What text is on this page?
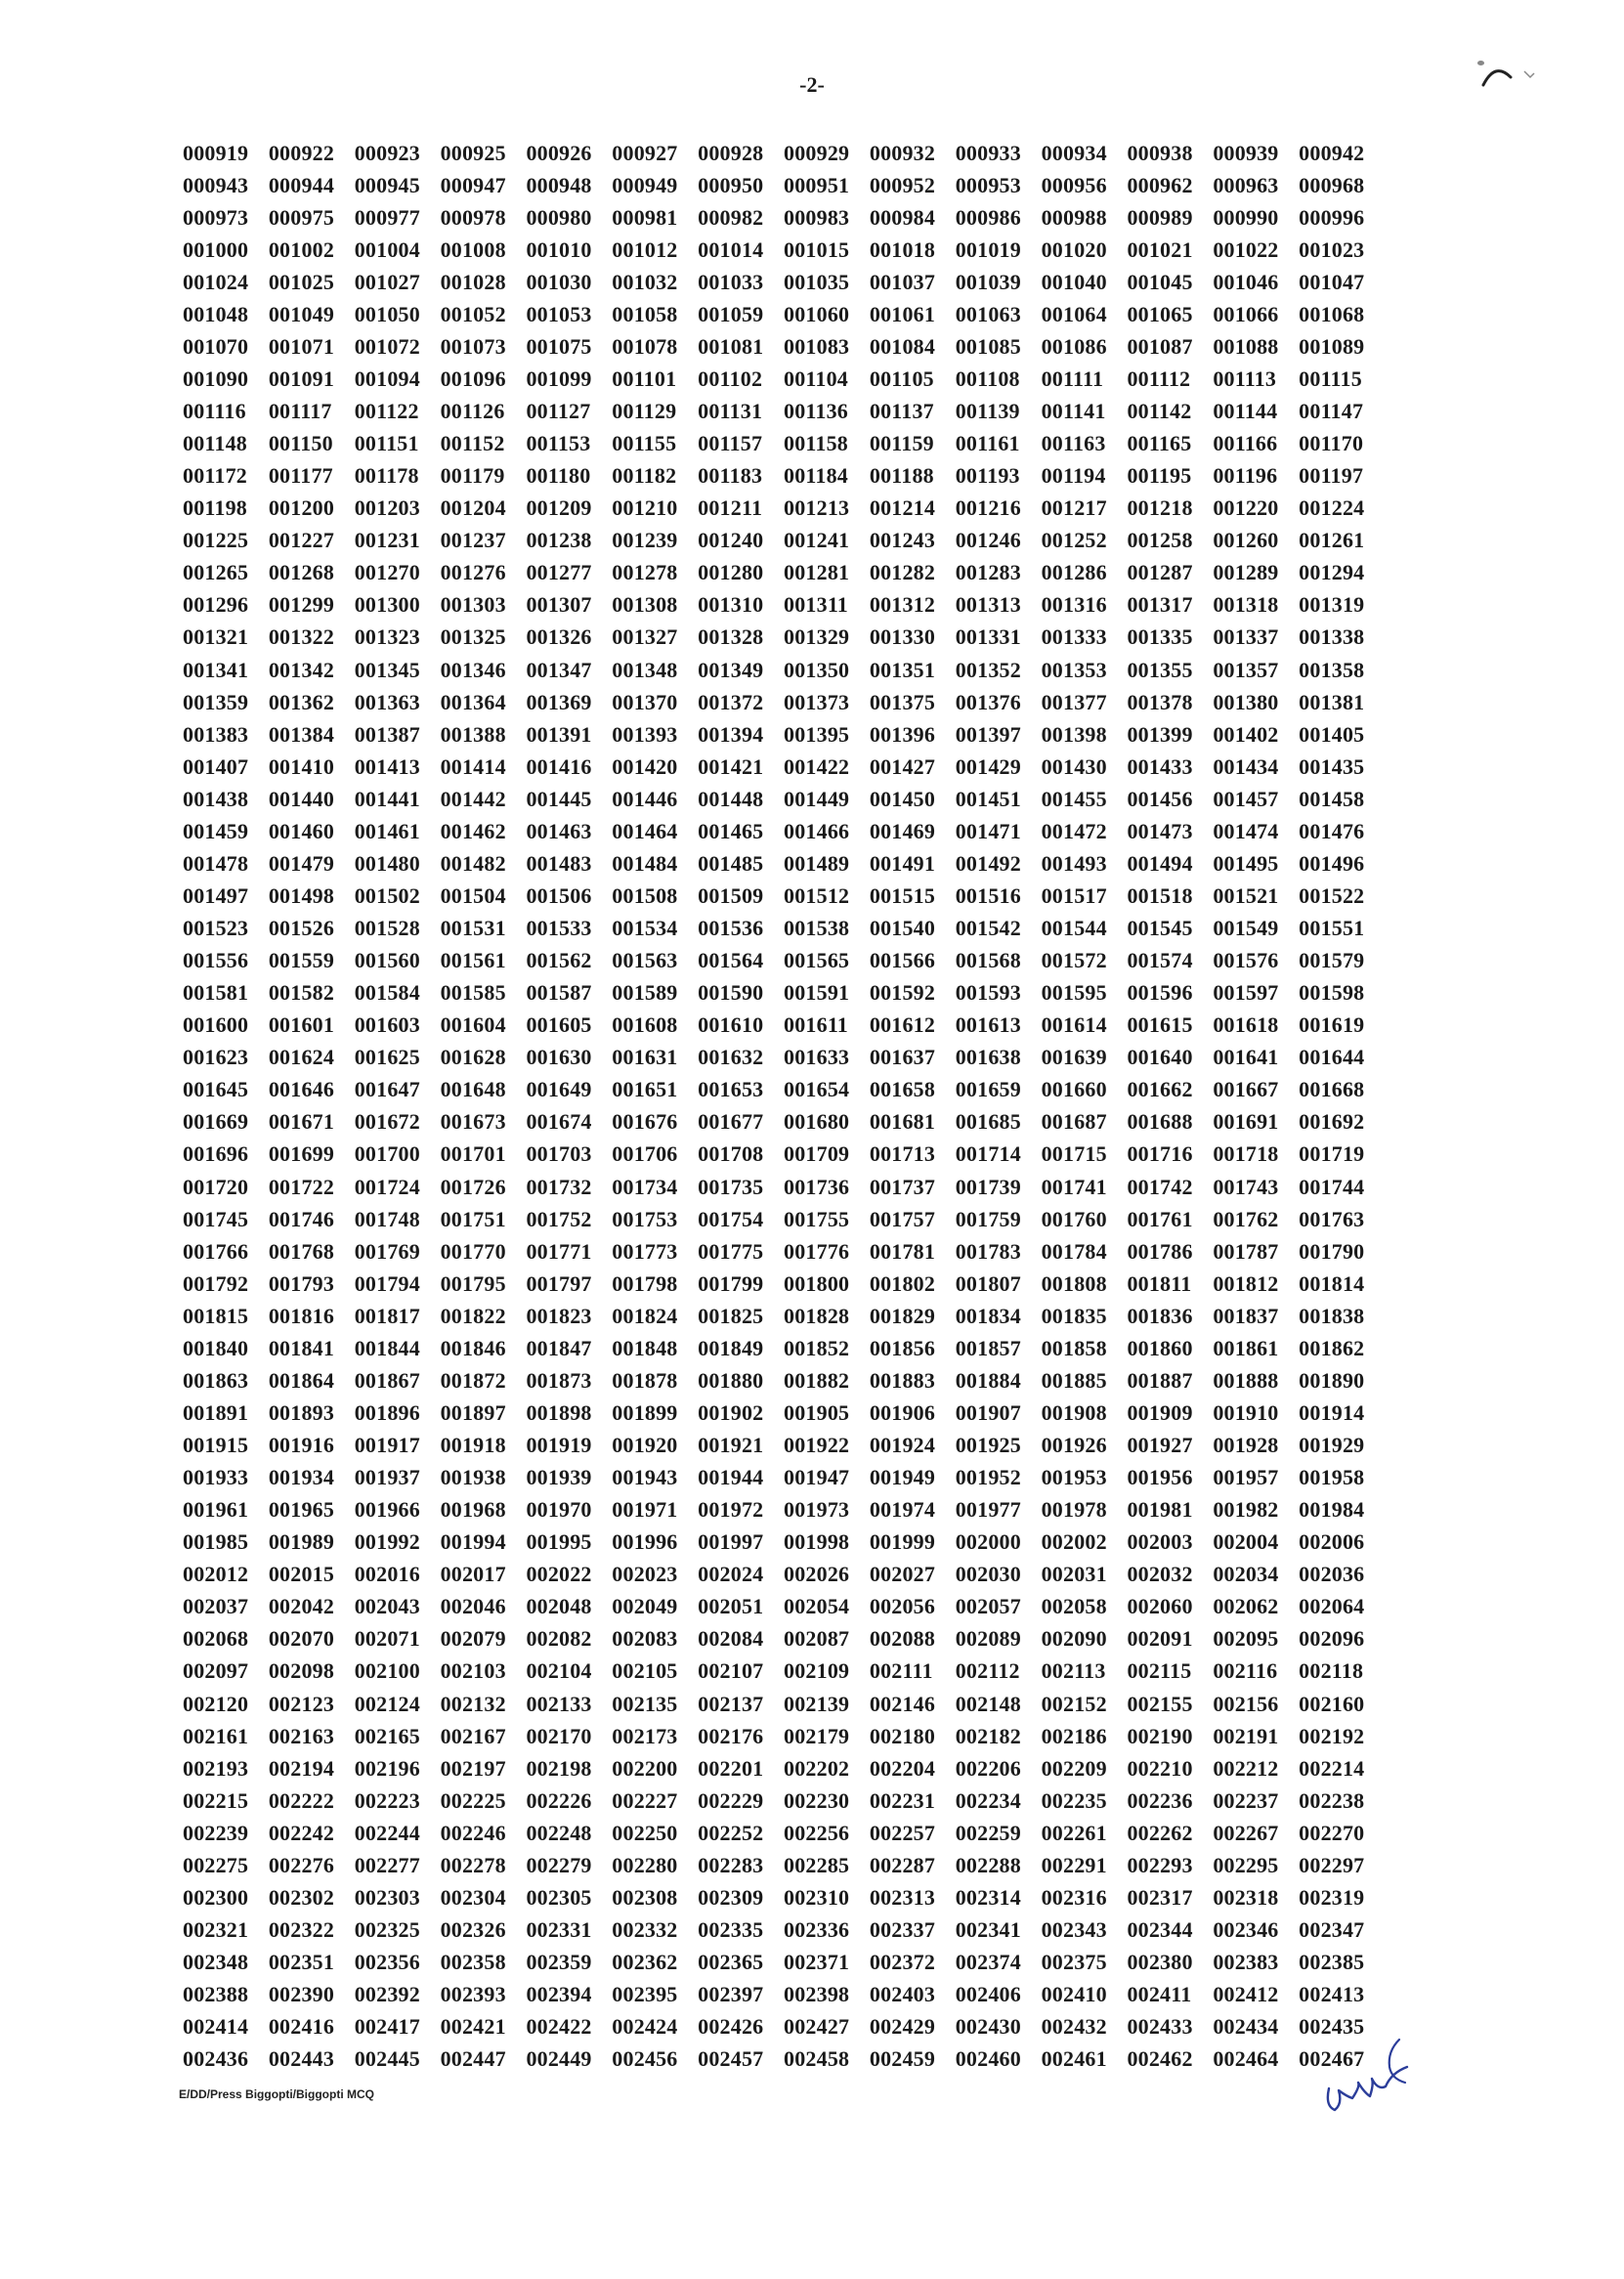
-2-
000919 000922 000923 000925 000926 000927 000928 000929 000932 000933 000934 000938 000939 000942
000943 000944 000945 000947 000948 000949 000950 000951 000952 000953 000956 000962 000963 000968
000973 000975 000977 000978 000980 000981 000982 000983 000984 000986 000988 000989 000990 000996
001000 001002 001004 001008 001010 001012 001014 001015 001018 001019 001020 001021 001022 001023
001024 001025 001027 001028 001030 001032 001033 001035 001037 001039 001040 001045 001046 001047
001048 001049 001050 001052 001053 001058 001059 001060 001061 001063 001064 001065 001066 001068
001070 001071 001072 001073 001075 001078 001081 001083 001084 001085 001086 001087 001088 001089
001090 001091 001094 001096 001099 001101 001102 001104 001105 001108 001111	001112	001113	001115
001116	001117	001122 001126 001127 001129 001131 001136 001137 001139 001141 001142 001144 001147
001148 001150 001151 001152 001153 001155 001157 001158 001159 001161 001163 001165 001166 001170
001172 001177 001178 001179 001180 001182 001183 001184 001188 001193 001194 001195 001196 001197
001198 001200 001203 001204 001209 001210 001211 001213 001214 001216 001217 001218 001220 001224
001225 001227 001231 001237 001238 001239 001240 001241 001243 001246 001252 001258 001260 001261
001265 001268 001270 001276 001277 001278 001280 001281 001282 001283 001286 001287 001289 001294
001296 001299 001300 001303 001307 001308 001310 001311 001312 001313 001316 001317 001318 001319
001321 001322 001323 001325 001326 001327 001328 001329 001330 001331 001333 001335 001337 001338
001341 001342 001345 001346 001347 001348 001349 001350 001351 001352 001353 001355 001357 001358
001359 001362 001363 001364 001369 001370 001372 001373 001375 001376 001377 001378 001380 001381
001383 001384 001387 001388 001391 001393 001394 001395 001396 001397 001398 001399 001402 001405
001407 001410 001413 001414 001416 001420 001421 001422 001427 001429 001430 001433 001434 001435
001438 001440 001441 001442 001445 001446 001448 001449 001450 001451 001455 001456 001457 001458
001459 001460 001461 001462 001463 001464 001465 001466 001469 001471 001472 001473 001474 001476
001478 001479 001480 001482 001483 001484 001485 001489 001491 001492 001493 001494 001495 001496
001497 001498 001502 001504 001506 001508 001509 001512 001515 001516 001517 001518 001521 001522
001523 001526 001528 001531 001533 001534 001536 001538 001540 001542 001544 001545 001549 001551
001556 001559 001560 001561 001562 001563 001564 001565 001566 001568 001572 001574 001576 001579
001581 001582 001584 001585 001587 001589 001590 001591 001592 001593 001595 001596 001597 001598
001600 001601 001603 001604 001605 001608 001610 001611 001612 001613 001614 001615 001618 001619
001623 001624 001625 001628 001630 001631 001632 001633 001637 001638 001639 001640 001641 001644
001645 001646 001647 001648 001649 001651 001653 001654 001658 001659 001660 001662 001667 001668
001669 001671 001672 001673 001674 001676 001677 001680 001681 001685 001687 001688 001691 001692
001696 001699 001700 001701 001703 001706 001708 001709 001713 001714 001715 001716 001718 001719
001720 001722 001724 001726 001732 001734 001735 001736 001737 001739 001741 001742 001743 001744
001745 001746 001748 001751 001752 001753 001754 001755 001757 001759 001760 001761 001762 001763
001766 001768 001769 001770 001771 001773 001775 001776 001781 001783 001784 001786 001787 001790
001792 001793 001794 001795 001797 001798 001799 001800 001802 001807 001808 001811 001812 001814
001815 001816 001817 001822 001823 001824 001825 001828 001829 001834 001835 001836 001837 001838
001840 001841 001844 001846 001847 001848 001849 001852 001856 001857 001858 001860 001861 001862
001863 001864 001867 001872 001873 001878 001880 001882 001883 001884 001885 001887 001888 001890
001891 001893 001896 001897 001898 001899 001902 001905 001906 001907 001908 001909 001910 001914
001915 001916 001917 001918 001919 001920 001921 001922 001924 001925 001926 001927 001928 001929
001933 001934 001937 001938 001939 001943 001944 001947 001949 001952 001953 001956 001957 001958
001961 001965 001966 001968 001970 001971 001972 001973 001974 001977 001978 001981 001982 001984
001985 001989 001992 001994 001995 001996 001997 001998 001999 002000 002002 002003 002004 002006
002012 002015 002016 002017 002022 002023 002024 002026 002027 002030 002031 002032 002034 002036
002037 002042 002043 002046 002048 002049 002051 002054 002056 002057 002058 002060 002062 002064
002068 002070 002071 002079 002082 002083 002084 002087 002088 002089 002090 002091 002095 002096
002097 002098 002100 002103 002104 002105 002107 002109 002111	002112 002113 002115 002116 002118
002120 002123 002124 002132 002133 002135 002137 002139 002146 002148 002152 002155 002156 002160
002161 002163 002165 002167 002170 002173 002176 002179 002180 002182 002186 002190 002191 002192
002193 002194 002196 002197 002198 002200 002201 002202 002204 002206 002209 002210 002212 002214
002215 002222 002223 002225 002226 002227 002229 002230 002231 002234 002235 002236 002237 002238
002239 002242 002244 002246 002248 002250 002252 002256 002257 002259 002261 002262 002267 002270
002275 002276 002277 002278 002279 002280 002283 002285 002287 002288 002291 002293 002295 002297
002300 002302 002303 002304 002305 002308 002309 002310 002313 002314 002316 002317 002318 002319
002321 002322 002325 002326 002331 002332 002335 002336 002337 002341 002343 002344 002346 002347
002348 002351 002356 002358 002359 002362 002365 002371 002372 002374 002375 002380 002383 002385
002388 002390 002392 002393 002394 002395 002397 002398 002403 002406 002410 002411 002412 002413
002414 002416 002417 002421 002422 002424 002426 002427 002429 002430 002432 002433 002434 002435
002436 002443 002445 002447 002449 002456 002457 002458 002459 002460 002461 002462 002464 002467
E/DD/Press Biggopti/Biggopti MCQ
